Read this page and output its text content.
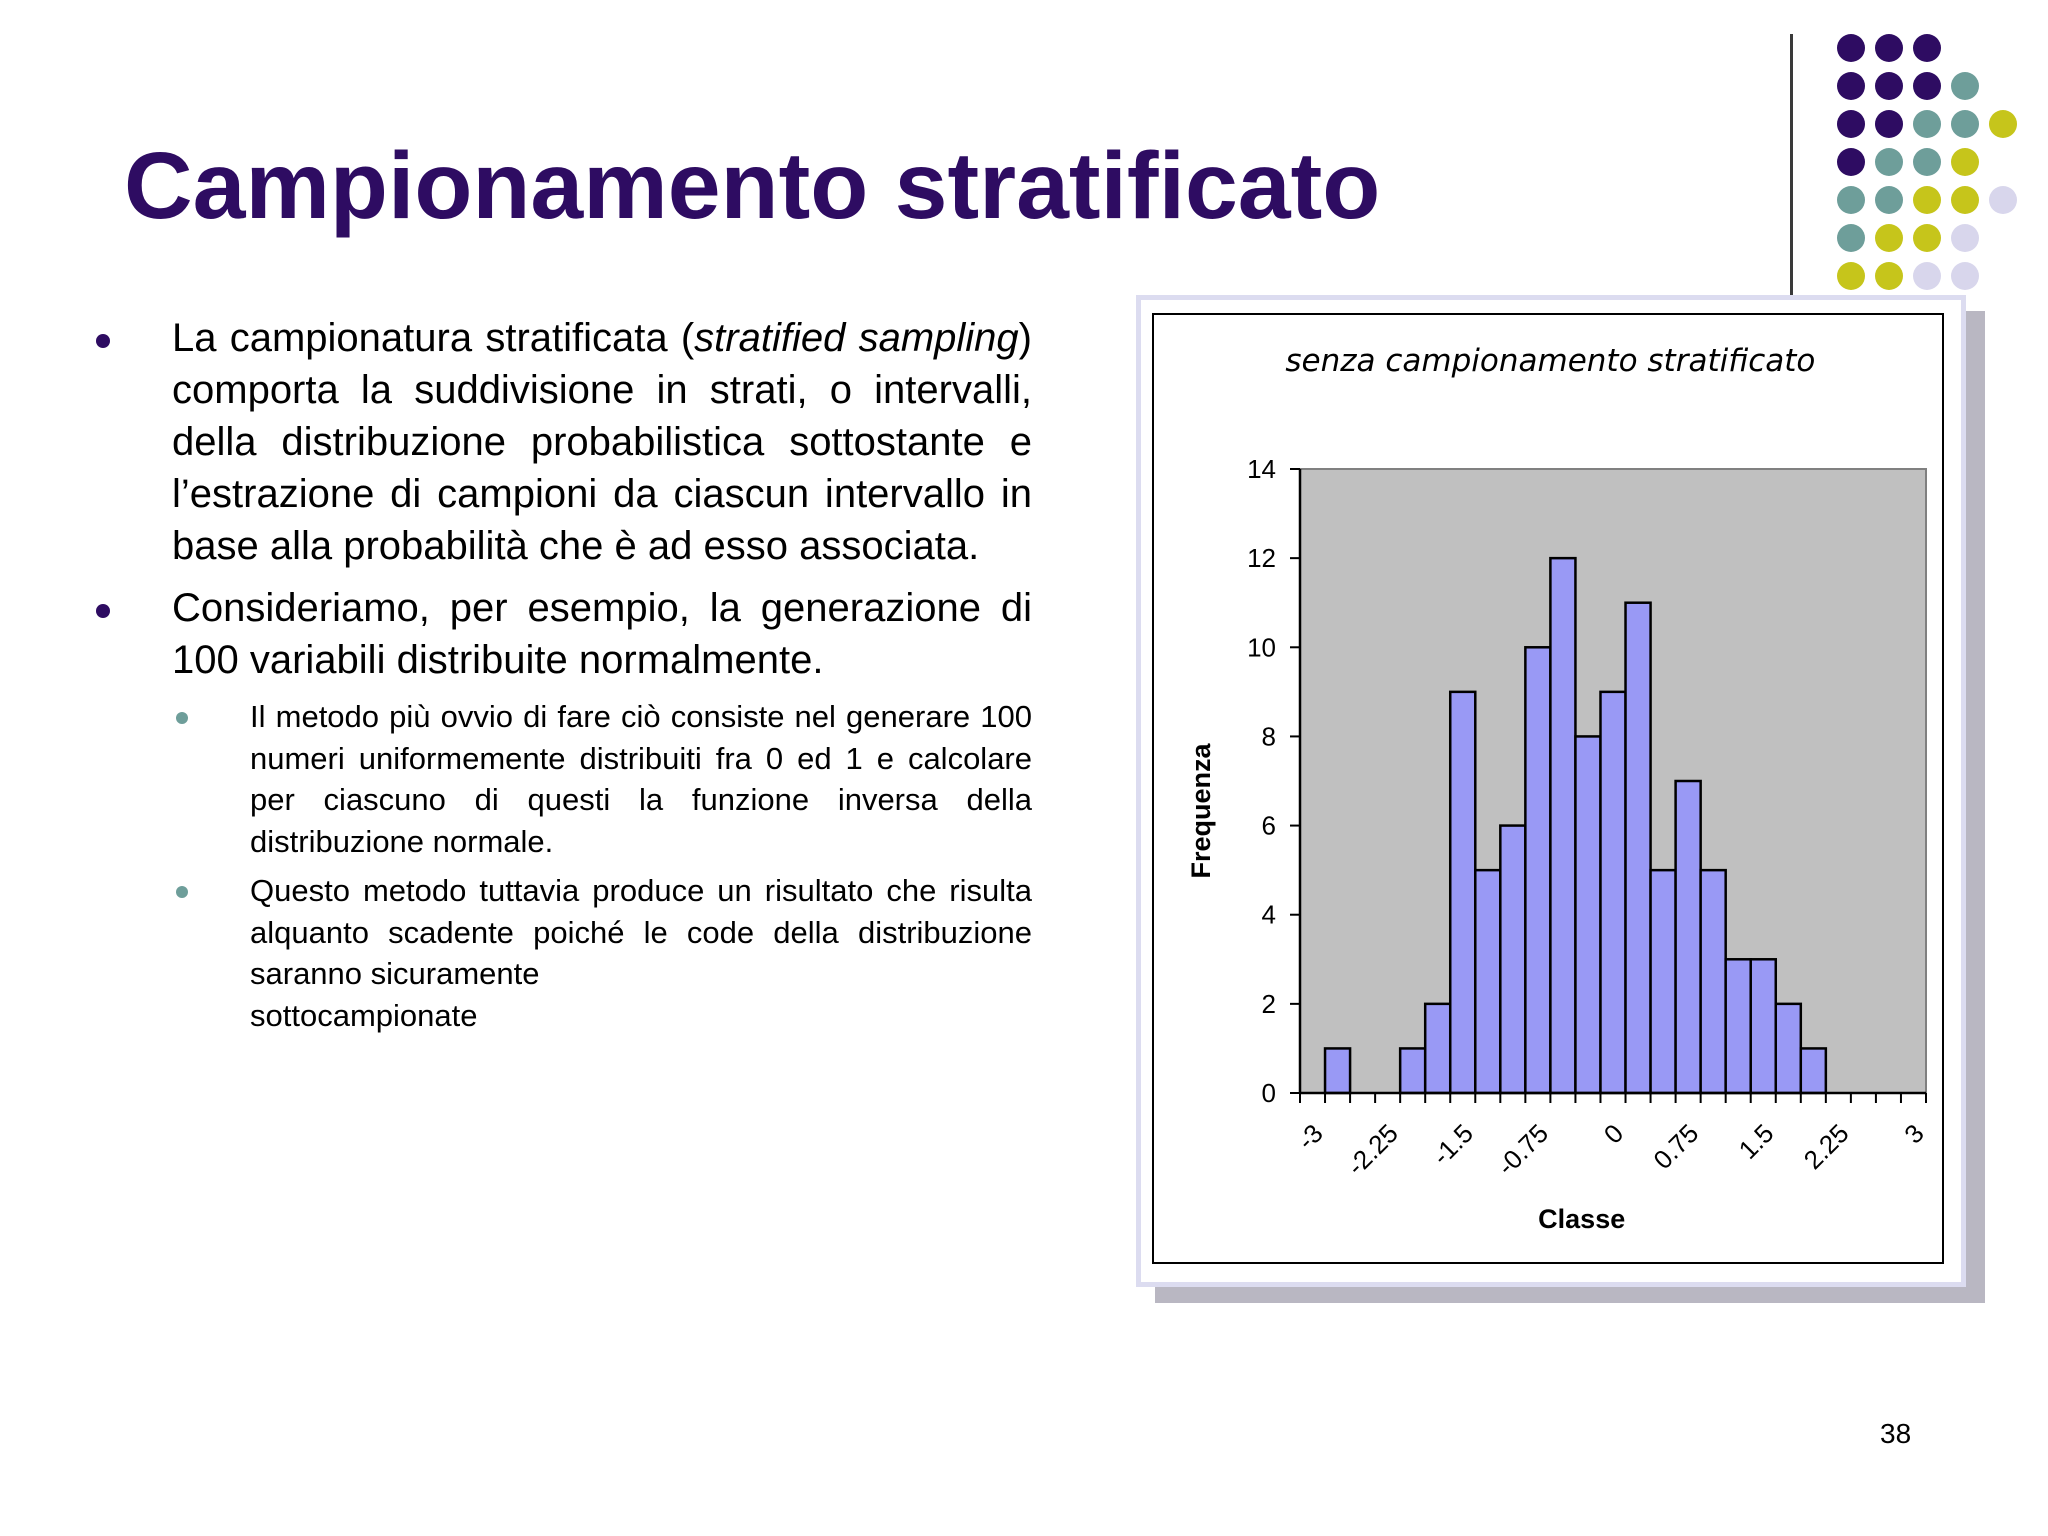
Campionamento stratificato
La campionatura stratificata (stratified sampling) comporta la suddivisione in strati, o intervalli, della distribuzione probabilistica sottostante e l’estrazione di campioni da ciascun intervallo in base alla probabilità che è ad esso associata.
Consideriamo, per esempio, la generazione di 100 variabili distribuite normalmente.
Il metodo più ovvio di fare ciò consiste nel generare 100 numeri uniformemente distribuiti fra 0 ed 1 e calcolare per ciascuno di questi la funzione inversa della distribuzione normale.
Questo metodo tuttavia produce un risultato che risulta alquanto scadente poiché le code della distribuzione saranno sicuramente
sottocampionate
senza campionamento stratificato
0
2
4
6
8
10
12
14
-3 -2.25 -1.5 -0.75 0 0.75 1.5 2.25 3
Frequenza
Classe
38
